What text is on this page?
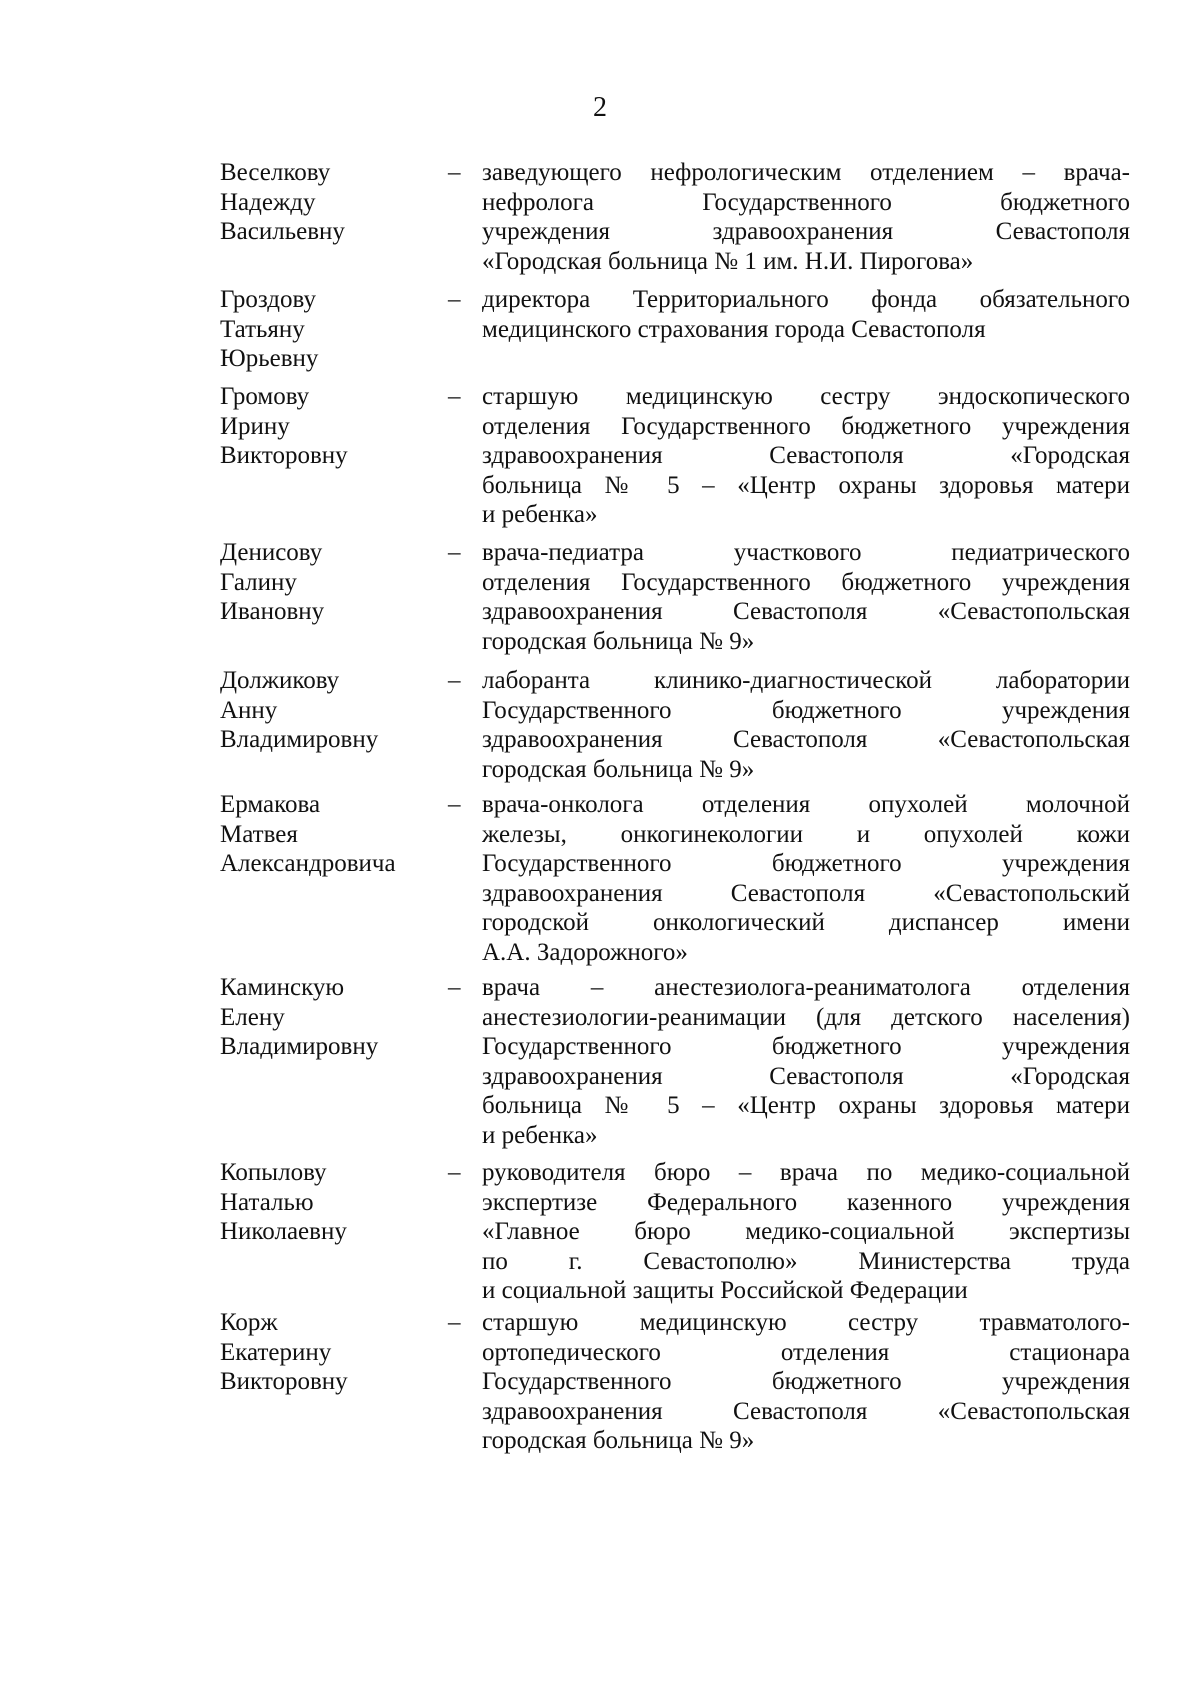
2
Веселкову
Надежду
Васильевну
– заведующего нефрологическим отделением – врача-
нефролога Государственного бюджетного
учреждения здравоохранения Севастополя
«Городская больница № 1 им. Н.И. Пирогова»
Гроздову
Татьяну
Юрьевну
– директора Территориального фонда обязательного
медицинского страхования города Севастополя
Громову
Ирину
Викторовну
– старшую медицинскую сестру эндоскопического
отделения Государственного бюджетного учреждения
здравоохранения Севастополя «Городская
больница № 5 – «Центр охраны здоровья матери
и ребенка»
Денисову
Галину
Ивановну
– врача-педиатра участкового педиатрического
отделения Государственного бюджетного учреждения
здравоохранения Севастополя «Севастопольская
городская больница № 9»
Должикову
Анну
Владимировну
– лаборанта клинико-диагностической лаборатории
Государственного бюджетного учреждения
здравоохранения Севастополя «Севастопольская
городская больница № 9»
Ермакова
Матвея
Александровича
– врача-онколога отделения опухолей молочной
железы, онкогинекологии и опухолей кожи
Государственного бюджетного учреждения
здравоохранения Севастополя «Севастопольский
городской онкологический диспансер имени
А.А. Задорожного»
Каминскую
Елену
Владимировну
– врача – анестезиолога-реаниматолога отделения
анестезиологии-реанимации (для детского населения)
Государственного бюджетного учреждения
здравоохранения Севастополя «Городская
больница № 5 – «Центр охраны здоровья матери
и ребенка»
Копылову
Наталью
Николаевну
– руководителя бюро – врача по медико-социальной
экспертизе Федерального казенного учреждения
«Главное бюро медико-социальной экспертизы
по г. Севастополю» Министерства труда
и социальной защиты Российской Федерации
Корж
Екатерину
Викторовну
– старшую медицинскую сестру травматолого-
ортопедического отделения стационара
Государственного бюджетного учреждения
здравоохранения Севастополя «Севастопольская
городская больница № 9»
